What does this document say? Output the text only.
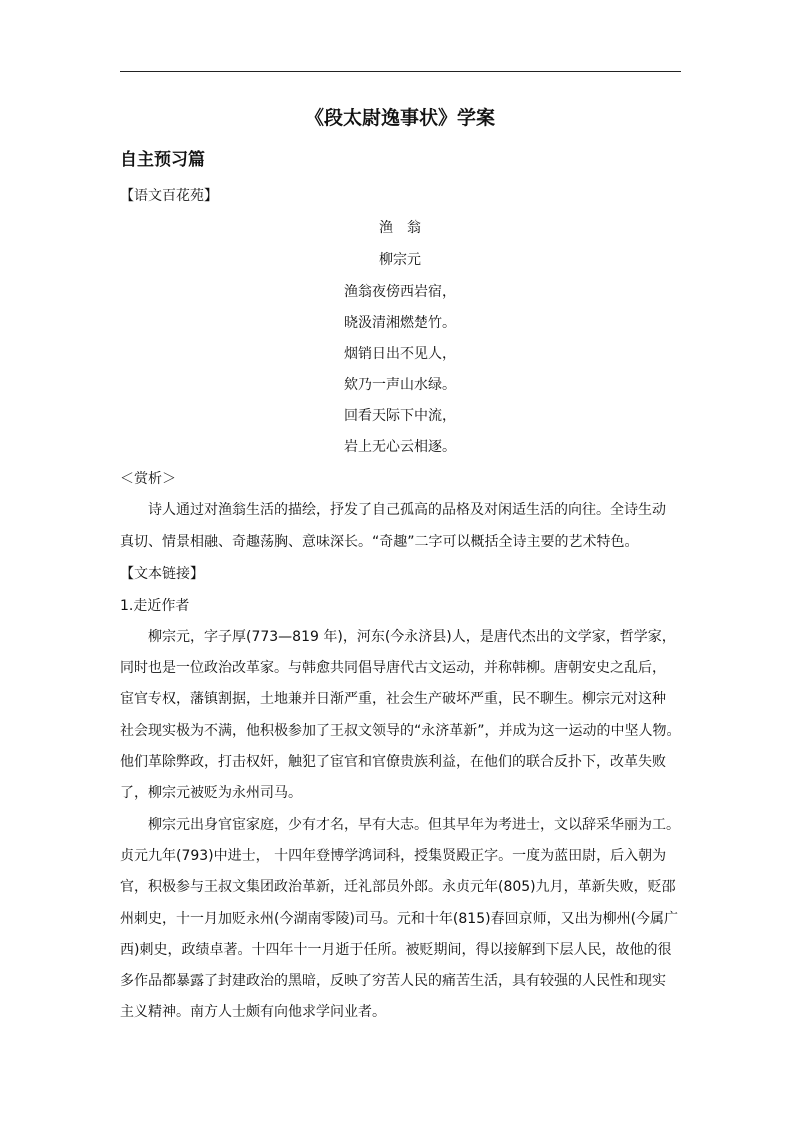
《段太尉逸事状》学案
自主预习篇
【语文百花苑】
渔　翁
柳宗元
渔翁夜傍西岩宿，
晓汲清湘燃楚竹。
烟销日出不见人，
欸乃一声山水绿。
回看天际下中流，
岩上无心云相逐。
＜赏析＞
诗人通过对渔翁生活的描绘，抒发了自己孤高的品格及对闲适生活的向往。全诗生动
真切、情景相融、奇趣荡胸、意味深长。“奇趣”二字可以概括全诗主要的艺术特色。
【文本链接】
1.走近作者
柳宗元，字子厚(773—819 年)，河东(今永济县)人，是唐代杰出的文学家，哲学家，
同时也是一位政治改革家。与韩愈共同倡导唐代古文运动，并称韩柳。唐朝安史之乱后，
宦官专权，藩镇割据，土地兼并日渐严重，社会生产破坏严重，民不聊生。柳宗元对这种
社会现实极为不满，他积极参加了王叔文领导的“永济革新”，并成为这一运动的中坚人物。
他们革除弊政，打击权奸，触犯了宦官和官僚贵族利益，在他们的联合反扑下，改革失败
了，柳宗元被贬为永州司马。
柳宗元出身官宦家庭，少有才名，早有大志。但其早年为考进士，文以辞采华丽为工。
贞元九年(793)中进士， 十四年登博学鸿词科，授集贤殿正字。一度为蓝田尉，后入朝为
官，积极参与王叔文集团政治革新，迁礼部员外郎。永贞元年(805)九月，革新失败，贬邵
州刺史，十一月加贬永州(今湖南零陵)司马。元和十年(815)春回京师，又出为柳州(今属广
西)刺史，政绩卓著。十四年十一月逝于任所。被贬期间，得以接解到下层人民，故他的很
多作品都暴露了封建政治的黑暗，反映了穷苦人民的痛苦生活，具有较强的人民性和现实
主义精神。南方人士颇有向他求学问业者。
